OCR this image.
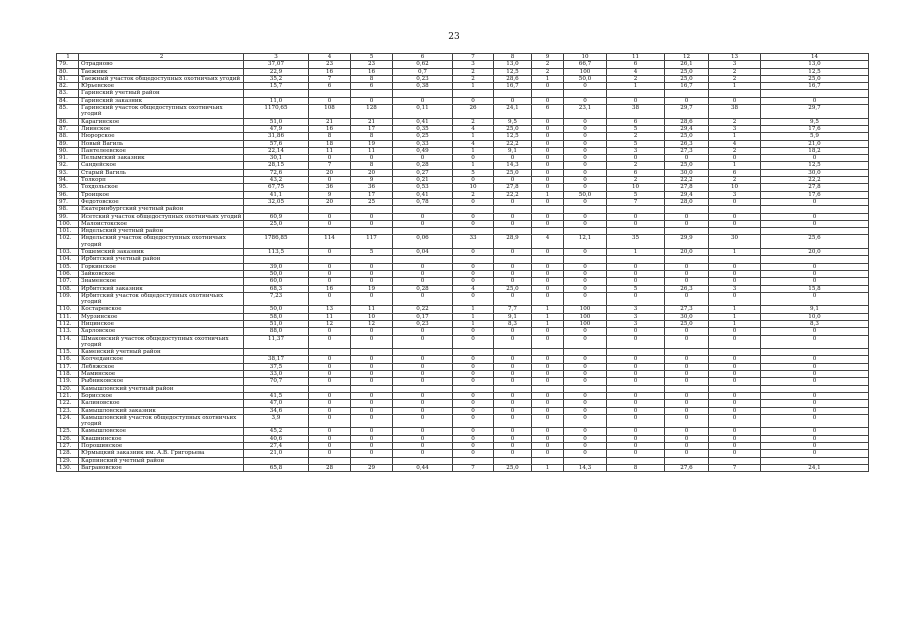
23
1	2	3	4	5	6	7	8	9	10	11	12	13	14
79.	Отрадново	37,07	23	23	0,62	3	13,0	2	66,7	6	26,1	3	13,0
80.	Таежник	22,9	16	16	0,7	2	12,5	2	100	4	25,0	2	12,5
81.	Таежный участок общедоступных охотничьих угодий	35,2	7	8	0,23	2	28,6	1	50,0	2	25,0	2	25,0
82.	Юрьевское	15,7	6	6	0,38	1	16,7	0	0	1	16,7	1	16,7
83.	Гаринский учетный район												
84.	Гаринский заказник	11,0	0	0	0	0	0	0	0	0	0	0	0
85.	Гаринский участок общедоступных охотничьих угодий	1170,65	108	128	0,11	26	24,1	6	23,1	38	29,7	38	29,7
86.	Карагинское	51,0	21	21	0,41	2	9,5	0	0	6	28,6	2	9,5
87.	Лиинское	47,9	16	17	0,35	4	25,0	0	0	5	29,4	3	17,6
88.	Нюрорское	31,86	8	8	0,25	1	12,5	0	0	2	25,0	1	5,9
89.	Новый Вагиль	57,6	18	19	0,33	4	22,2	0	0	5	26,3	4	21,0
90.	Пантелеевское	22,14	11	11	0,49	1	9,1	0	0	3	27,3	2	18,2
91.	Пелымский заказник	30,1	0	0	0	0	0	0	0	0	0	0	0
92.	Сандейское	28,15	7	8	0,28	1	14,3	0	0	2	25,0	1	12,5
93.	Старый Вагиль	72,6	20	20	0,27	5	25,0	0	0	6	30,0	6	30,0
94.	Толкорп	43,2	0	9	0,21	0	0	0	0	2	22,2	2	22,2
95.	Тохдольское	67,75	36	36	0,53	10	27,8	0	0	10	27,8	10	27,8
96.	Троицкое	41,1	9	17	0,41	2	22,2	1	50,0	5	29,4	3	17,6
97.	Федотовское	32,05	20	25	0,78	0	0	0	0	7	28,0	0	0
98.	Екатеринбургский учетный район												
99.	Исетский участок общедоступных охотничьих угодий	60,9	0	0	0	0	0	0	0	0	0	0	0
100.	Малоистокское	25,0	0	0	0	0	0	0	0	0	0	0	0
101.	Ивдельский учетный район												
102.	Ивдельский участок общедоступных охотничьих угодий	1786,85	114	117	0,06	33	28,9	4	12,1	35	29,9	30	25,6
103.	Тошемский заказник	113,5	0	5	0,04	0	0	0	0	1	20,0	1	20,0
104.	Ирбитский учетный район												
105.	Горкинское	39,0	0	0	0	0	0	0	0	0	0	0	0
106.	Зайковское	50,0	0	0	0	0	0	0	0	0	0	0	0
107.	Знаменское	60,0	0	0	0	0	0	0	0	0	0	0	0
108.	Ирбитский заказник	68,3	16	19	0,28	4	25,0	0	0	5	26,3	3	15,8
109.	Ирбитский участок общедоступных охотничьих угодий	7,23	0	0	0	0	0	0	0	0	0	0	0
110.	Костаревское	50,0	13	11	0,22	1	7,7	1	100	3	27,3	1	9,1
111.	Мурзинское	58,0	11	10	0,17	1	9,1	1	100	3	30,0	1	10,0
112.	Ницинское	51,0	12	12	0,23	1	8,3	1	100	3	25,0	1	8,3
113.	Харловское	88,0	0	0	0	0	0	0	0	0	0	0	0
114.	Шмаковский участок общедоступных охотничьих угодий	11,37	0	0	0	0	0	0	0	0	0	0	0
115.	Каменский учетный район												
116.	Колчеданское	38,17	0	0	0	0	0	0	0	0	0	0	0
117.	Лебяжское	37,5	0	0	0	0	0	0	0	0	0	0	0
118.	Маминское	33,0	0	0	0	0	0	0	0	0	0	0	0
119.	Рыбниковское	70,7	0	0	0	0	0	0	0	0	0	0	0
120.	Камышловский учетный район												
121.	Борисское	41,5	0	0	0	0	0	0	0	0	0	0	0
122.	Калиновское	47,0	0	0	0	0	0	0	0	0	0	0	0
123.	Камышловский заказник	34,6	0	0	0	0	0	0	0	0	0	0	0
124.	Камышловский участок общедоступных охотничьих угодий	3,9	0	0	0	0	0	0	0	0	0	0	0
125.	Камышловское	45,2	0	0	0	0	0	0	0	0	0	0	0
126.	Квашнинское	40,6	0	0	0	0	0	0	0	0	0	0	0
127.	Порошинское	27,4	0	0	0	0	0	0	0	0	0	0	0
128.	Юрмыцкий заказник им. А.В. Григорьева	21,0	0	0	0	0	0	0	0	0	0	0	0
129.	Карпинский учетный район												
130.	Ваграновское	65,8	28	29	0,44	7	25,0	1	14,3	8	27,6	7	24,1
